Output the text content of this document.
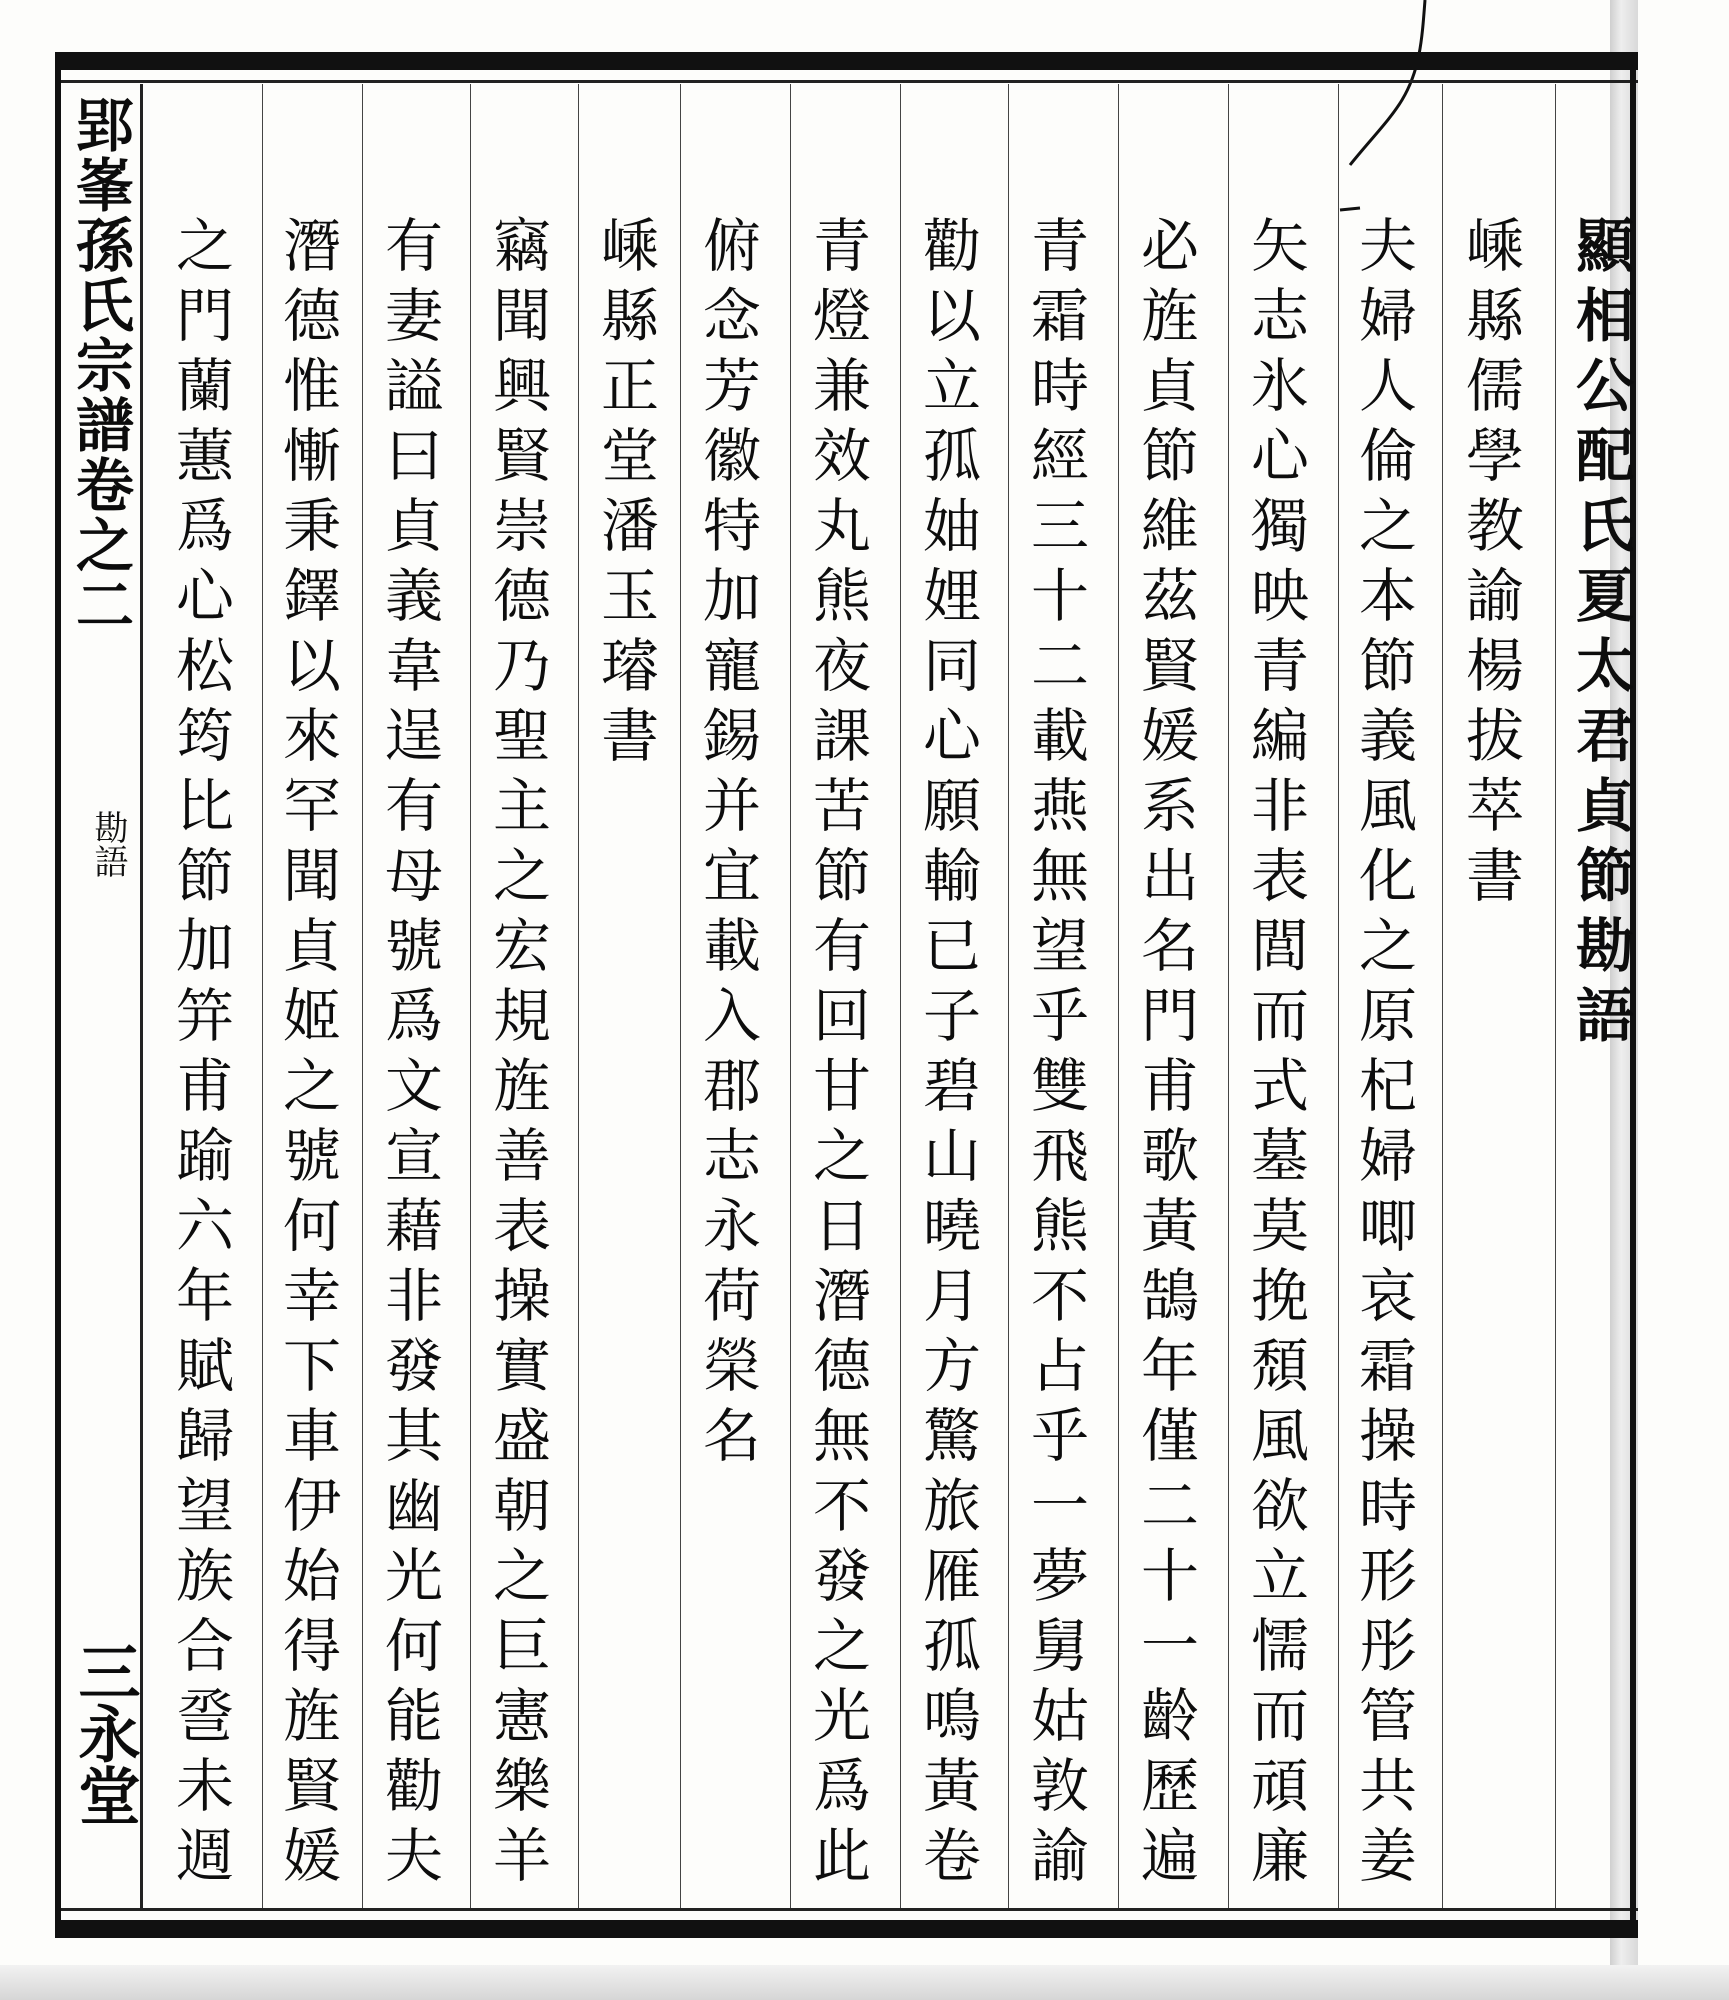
郢峯孫氏宗譜卷之二
勘語
三永堂
顯相公配氏夏太君貞節勘語
嵊縣儒學教諭楊拔萃書
夫婦人倫之本節義風化之原杞婦唧哀霜操時形彤管共姜
矢志氷心獨映青編非表閭而式墓莫挽頹風欲立懦而頑廉
必旌貞節維茲賢媛系出名門甫歌黃鵠年僅二十一齡歷遍
青霜時經三十二載燕無望乎雙飛熊不占乎一夢舅姑敦諭
勸以立孤妯娌同心願輸已子碧山曉月方驚旅雁孤鳴黃卷
青燈兼效丸熊夜課苦節有回甘之日潛德無不發之光爲此
俯念芳徽特加寵錫并宜載入郡志永荷榮名
嵊縣正堂潘玉璿書
竊聞興賢崇德乃聖主之宏規旌善表操實盛朝之巨憲樂羊
有妻謚曰貞義韋逞有母號爲文宣藉非發其幽光何能勸夫
潛德惟慚秉鐸以來罕聞貞姬之號何幸下車伊始得旌賢媛
之門蘭蕙爲心松筠比節加笄甫踰六年賦歸望族合巹未週
